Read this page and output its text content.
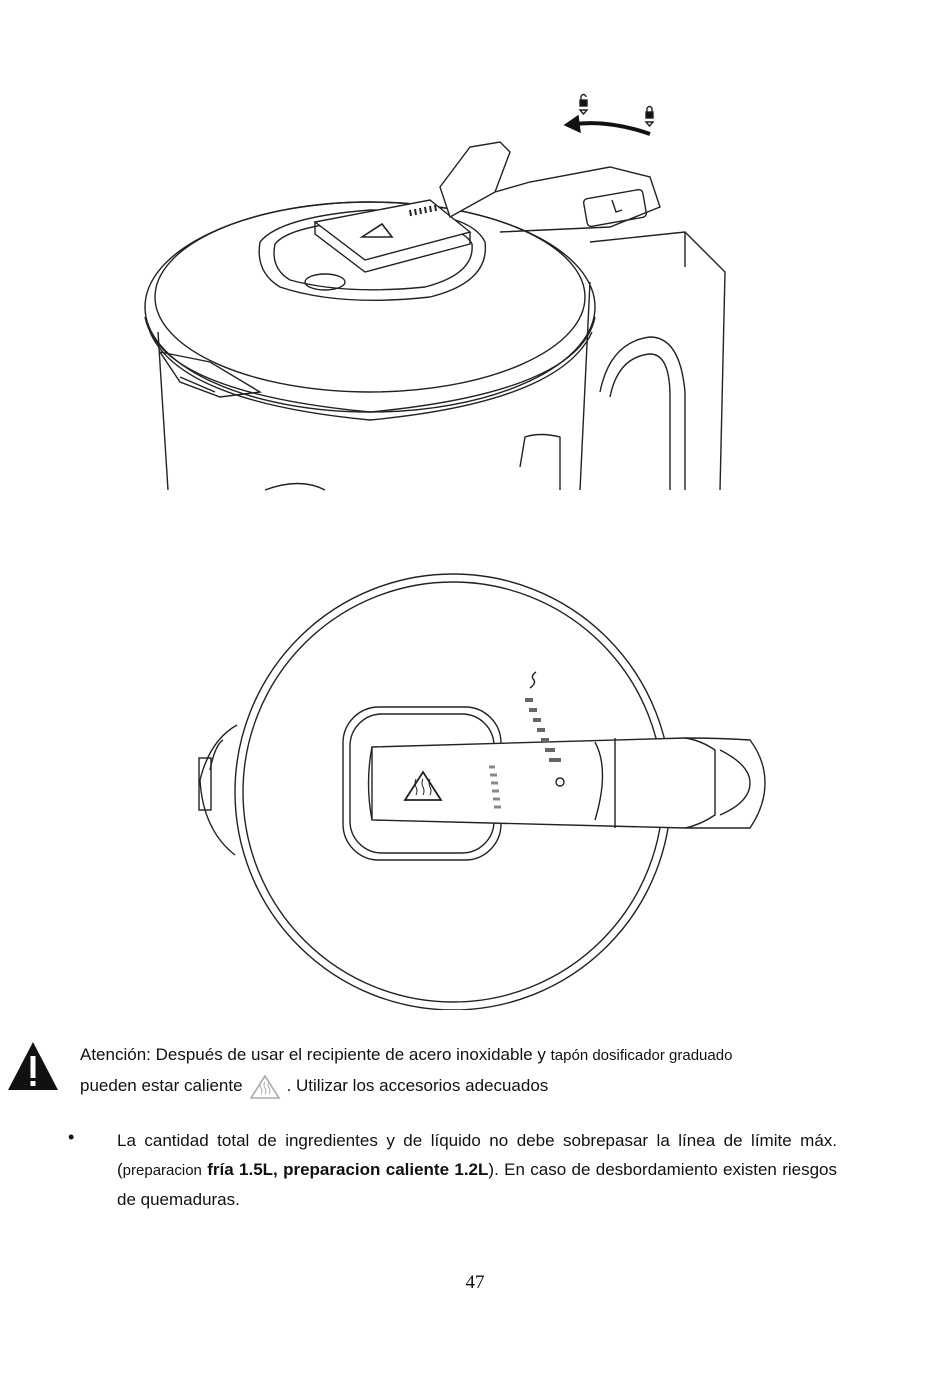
Atención: Después de usar el recipiente de acero inoxidable y tapón dosificador graduado
pueden estar caliente	. Utilizar los accesorios adecuados
•	La cantidad total de ingredientes y de líquido no debe sobrepasar la línea de límite máx. (preparacion fría 1.5L, preparacion caliente 1.2L). En caso de desbordamiento existen riesgos de quemaduras.
47
